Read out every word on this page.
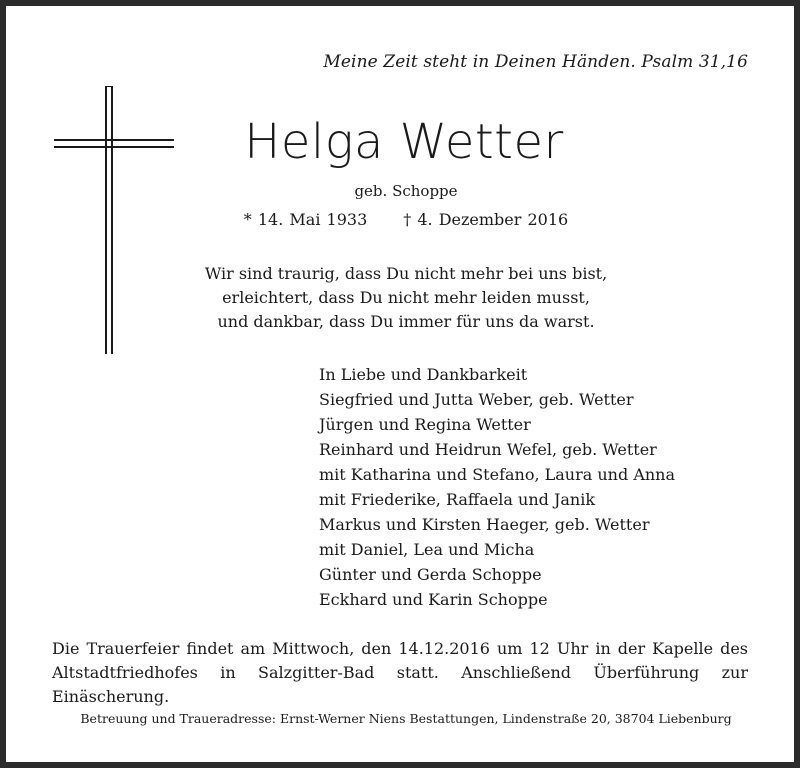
Meine Zeit steht in Deinen Händen. Psalm 31,16
Helga Wetter
geb. Schoppe
* 14. Mai 1933 † 4. Dezember 2016
Wir sind traurig, dass Du nicht mehr bei uns bist,
erleichtert, dass Du nicht mehr leiden musst,
und dankbar, dass Du immer für uns da warst.
In Liebe und Dankbarkeit
Siegfried und Jutta Weber, geb. Wetter
Jürgen und Regina Wetter
Reinhard und Heidrun Wefel, geb. Wetter
mit Katharina und Stefano, Laura und Anna
mit Friederike, Raffaela und Janik
Markus und Kirsten Haeger, geb. Wetter
mit Daniel, Lea und Micha
Günter und Gerda Schoppe
Eckhard und Karin Schoppe
Die Trauerfeier findet am Mittwoch, den 14.12.2016 um 12 Uhr in der Kapelle des
Altstadtfriedhofes in Salzgitter-Bad statt. Anschließend Überführung zur Einäscherung.
Betreuung und Traueradresse: Ernst-Werner Niens Bestattungen, Lindenstraße 20, 38704 Liebenburg
